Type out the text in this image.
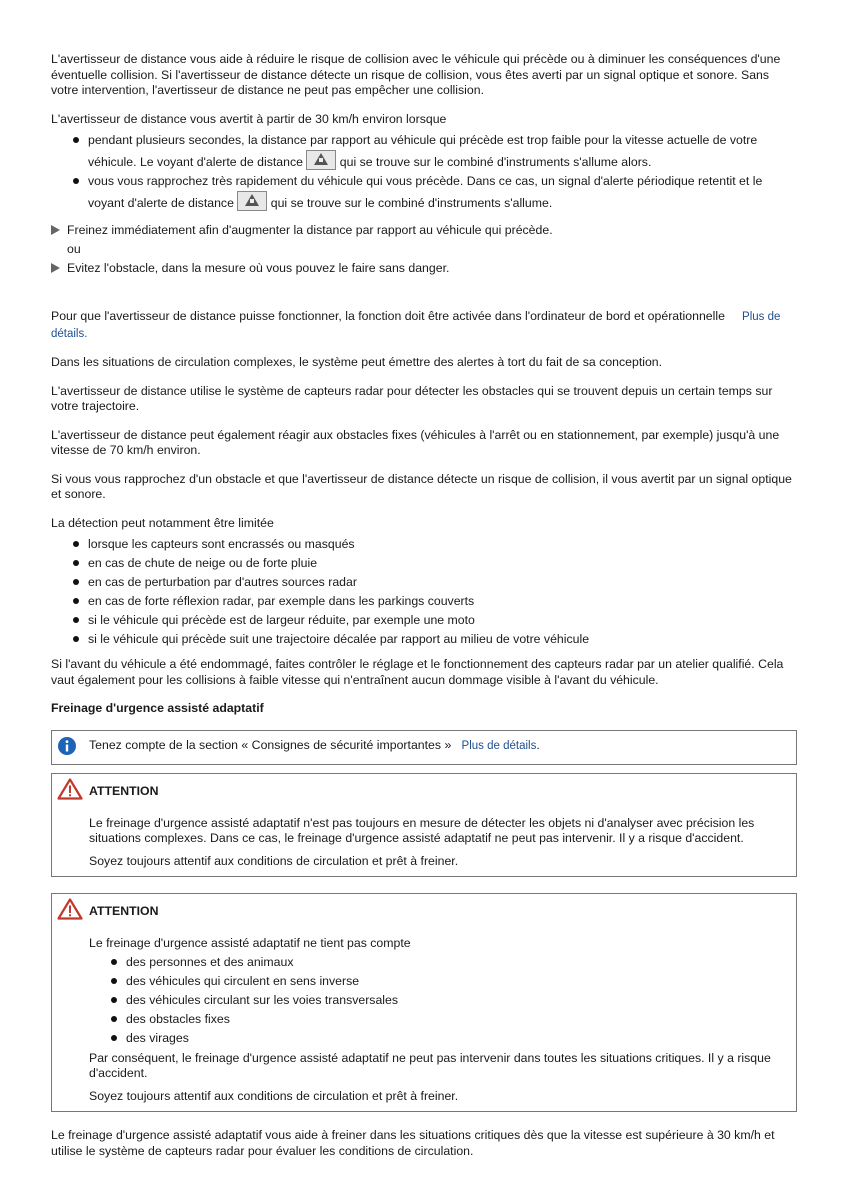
L'avertisseur de distance vous aide à réduire le risque de collision avec le véhicule qui précède ou à diminuer les conséquences d'une éventuelle collision. Si l'avertisseur de distance détecte un risque de collision, vous êtes averti par un signal optique et sonore. Sans votre intervention, l'avertisseur de distance ne peut pas empêcher une collision.

L'avertisseur de distance vous avertit à partir de 30 km/h environ lorsque

pendant plusieurs secondes, la distance par rapport au véhicule qui précède est trop faible pour la vitesse actuelle de votre véhicule. Le voyant d'alerte de distance
qui se trouve sur le combiné d'instruments s'allume alors.
vous vous rapprochez très rapidement du véhicule qui vous précède. Dans ce cas, un signal d'alerte périodique retentit et le voyant d'alerte de distance
qui se trouve sur le combiné d'instruments s'allume.
Freinez immédiatement afin d'augmenter la distance par rapport au véhicule qui précède.
ou
Evitez l'obstacle, dans la mesure où vous pouvez le faire sans danger.

Pour que l'avertisseur de distance puisse fonctionner, la fonction doit être activée dans l'ordinateur de bord et opérationnelle Plus de détails.

Dans les situations de circulation complexes, le système peut émettre des alertes à tort du fait de sa conception.

L'avertisseur de distance utilise le système de capteurs radar pour détecter les obstacles qui se trouvent depuis un certain temps sur votre trajectoire.

L'avertisseur de distance peut également réagir aux obstacles fixes (véhicules à l'arrêt ou en stationnement, par exemple) jusqu'à une vitesse de 70 km/h environ.

Si vous vous rapprochez d'un obstacle et que l'avertisseur de distance détecte un risque de collision, il vous avertit par un signal optique et sonore.

La détection peut notamment être limitée

lorsque les capteurs sont encrassés ou masqués
en cas de chute de neige ou de forte pluie
en cas de perturbation par d'autres sources radar
en cas de forte réflexion radar, par exemple dans les parkings couverts
si le véhicule qui précède est de largeur réduite, par exemple une moto
si le véhicule qui précède suit une trajectoire décalée par rapport au milieu de votre véhicule

Si l'avant du véhicule a été endommagé, faites contrôler le réglage et le fonctionnement des capteurs radar par un atelier qualifié. Cela vaut également pour les collisions à faible vitesse qui n'entraînent aucun dommage visible à l'avant du véhicule.

Freinage d'urgence assisté adaptatif

Tenez compte de la section « Consignes de sécurité importantes » Plus de détails.

ATTENTION

Le freinage d'urgence assisté adaptatif n'est pas toujours en mesure de détecter les objets ni d'analyser avec précision les situations complexes. Dans ce cas, le freinage d'urgence assisté adaptatif ne peut pas intervenir. Il y a risque d'accident.

Soyez toujours attentif aux conditions de circulation et prêt à freiner.

ATTENTION

Le freinage d'urgence assisté adaptatif ne tient pas compte

des personnes et des animaux
des véhicules qui circulent en sens inverse
des véhicules circulant sur les voies transversales
des obstacles fixes
des virages

Par conséquent, le freinage d'urgence assisté adaptatif ne peut pas intervenir dans toutes les situations critiques. Il y a risque d'accident.

Soyez toujours attentif aux conditions de circulation et prêt à freiner.

Le freinage d'urgence assisté adaptatif vous aide à freiner dans les situations critiques dès que la vitesse est supérieure à 30 km/h et utilise le système de capteurs radar pour évaluer les conditions de circulation.
